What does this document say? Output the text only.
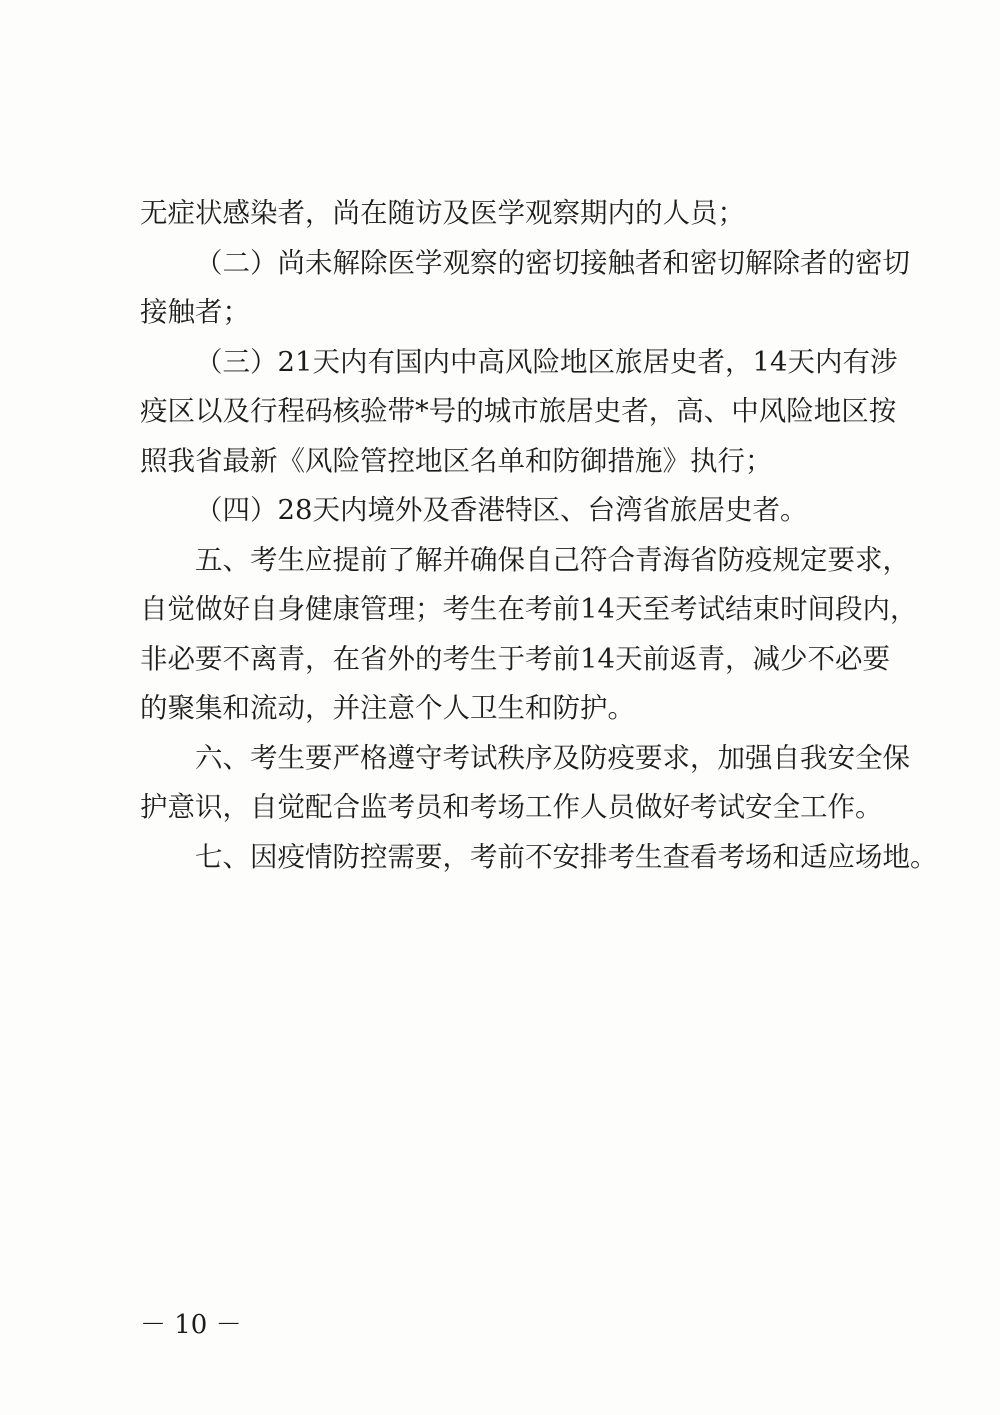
无症状感染者，尚在随访及医学观察期内的人员；
（二）尚未解除医学观察的密切接触者和密切解除者的密切
接触者；
（三）21天内有国内中高风险地区旅居史者，14天内有涉
疫区以及行程码核验带*号的城市旅居史者，高、中风险地区按
照我省最新《风险管控地区名单和防御措施》执行；
（四）28天内境外及香港特区、台湾省旅居史者。
五、考生应提前了解并确保自己符合青海省防疫规定要求，
自觉做好自身健康管理；考生在考前14天至考试结束时间段内，
非必要不离青，在省外的考生于考前14天前返青，减少不必要
的聚集和流动，并注意个人卫生和防护。
六、考生要严格遵守考试秩序及防疫要求，加强自我安全保
护意识，自觉配合监考员和考场工作人员做好考试安全工作。
七、因疫情防控需要，考前不安排考生查看考场和适应场地。
－ 10 －
